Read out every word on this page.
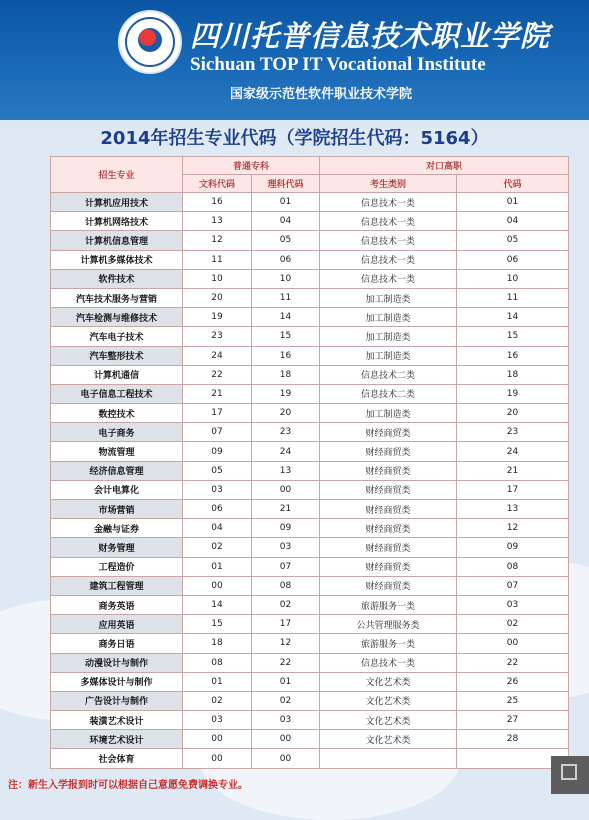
四川托普信息技术职业学院
Sichuan TOP IT Vocational Institute
国家级示范性软件职业技术学院
2014年招生专业代码（学院招生代码：5164）
招生专业	普通专科		对口高职	
	文科代码	理科代码	考生类别	代码
计算机应用技术	16	01	信息技术一类	01
计算机网络技术	13	04	信息技术一类	04
计算机信息管理	12	05	信息技术一类	05
计算机多媒体技术	11	06	信息技术一类	06
软件技术	10	10	信息技术一类	10
汽车技术服务与营销	20	11	加工制造类	11
汽车检测与维修技术	19	14	加工制造类	14
汽车电子技术	23	15	加工制造类	15
汽车整形技术	24	16	加工制造类	16
计算机通信	22	18	信息技术二类	18
电子信息工程技术	21	19	信息技术二类	19
数控技术	17	20	加工制造类	20
电子商务	07	23	财经商贸类	23
物流管理	09	24	财经商贸类	24
经济信息管理	05	13	财经商贸类	21
会计电算化	03	00	财经商贸类	17
市场营销	06	21	财经商贸类	13
金融与证券	04	09	财经商贸类	12
财务管理	02	03	财经商贸类	09
工程造价	01	07	财经商贸类	08
建筑工程管理	00	08	财经商贸类	07
商务英语	14	02	旅游服务一类	03
应用英语	15	17	公共管理服务类	02
商务日语	18	12	旅游服务一类	00
动漫设计与制作	08	22	信息技术一类	22
多媒体设计与制作	01	01	文化艺术类	26
广告设计与制作	02	02	文化艺术类	25
装潢艺术设计	03	03	文化艺术类	27
环境艺术设计	00	00	文化艺术类	28
社会体育	00	00		
注：新生入学报到时可以根据自己意愿免费调换专业。
